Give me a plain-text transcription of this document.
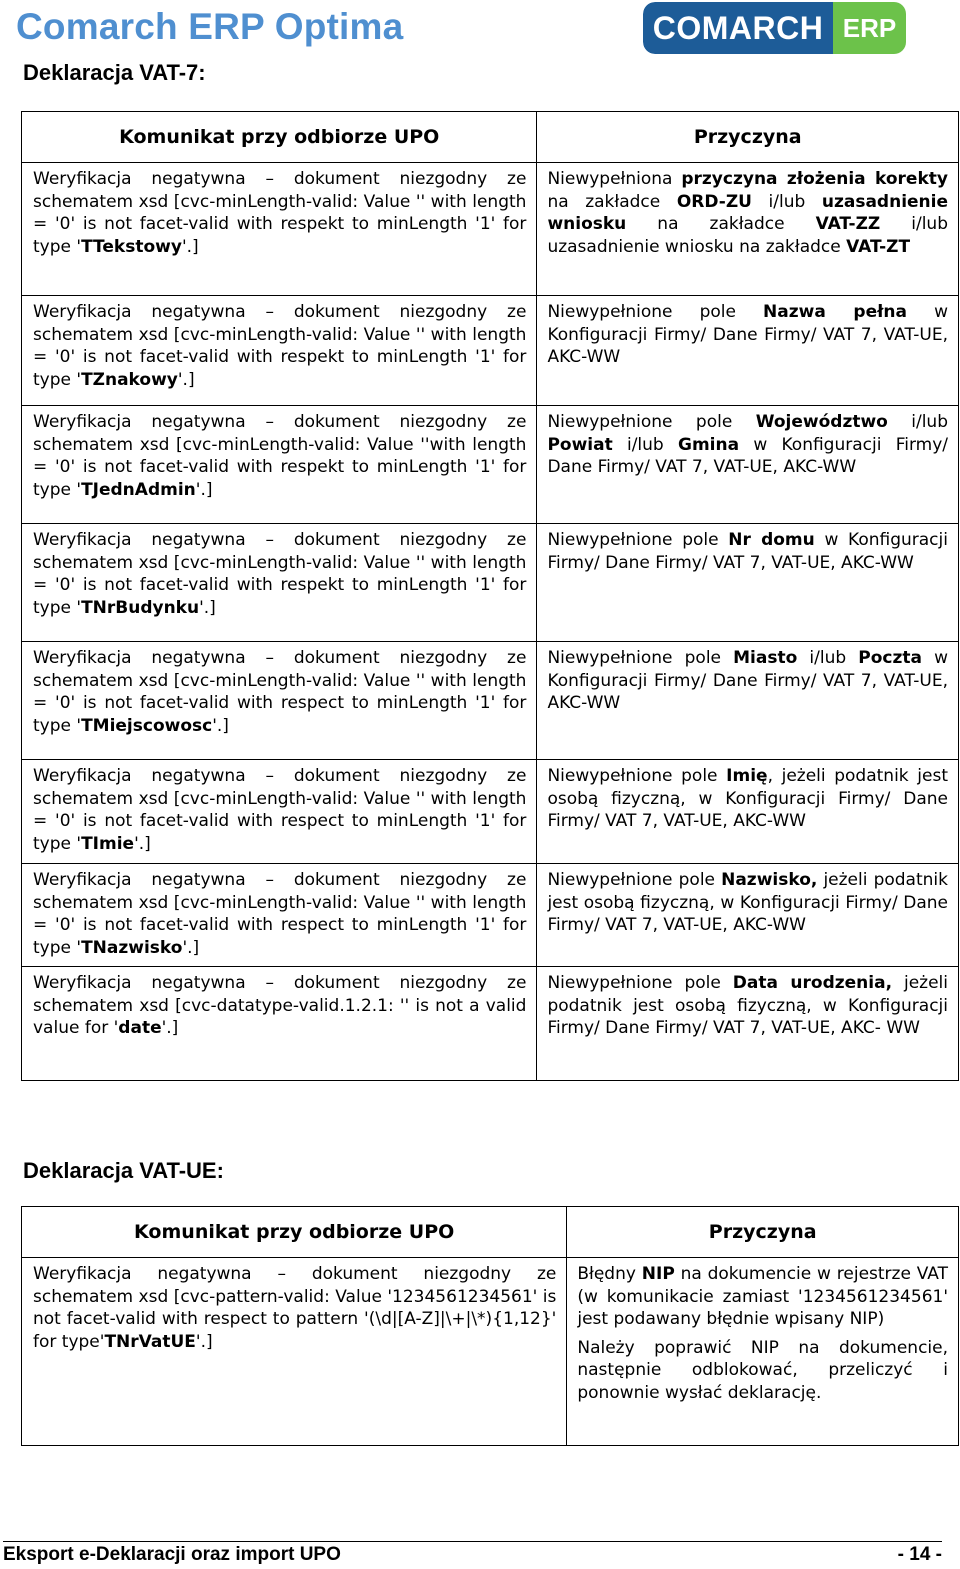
Comarch ERP Optima	COMARCH ERP
Deklaracja VAT-7:
Komunikat przy odbiorze UPO	Przyczyna
Weryfikacja negatywna – dokument niezgodny ze schematem xsd [cvc-minLength-valid: Value '' with length = '0' is not facet-valid with respekt to minLength '1' for type 'TTekstowy'.]	Niewypełniona przyczyna złożenia korekty na zakładce ORD-ZU i/lub uzasadnienie wniosku na zakładce VAT-ZZ i/lub uzasadnienie wniosku na zakładce VAT-ZT

Weryfikacja negatywna – dokument niezgodny ze schematem xsd [cvc-minLength-valid: Value '' with length = '0' is not facet-valid with respekt to minLength '1' for type 'TZnakowy'.]	Niewypełnione pole Nazwa pełna w Konfiguracji Firmy/ Dane Firmy/ VAT 7, VAT-UE, AKC-WW

Weryfikacja negatywna – dokument niezgodny ze schematem xsd [cvc-minLength-valid: Value ''with length = '0' is not facet-valid with respekt to minLength '1' for type 'TJednAdmin'.]	Niewypełnione pole Województwo i/lub Powiat i/lub Gmina w Konfiguracji Firmy/ Dane Firmy/ VAT 7, VAT-UE, AKC-WW

Weryfikacja negatywna – dokument niezgodny ze schematem xsd [cvc-minLength-valid: Value '' with length = '0' is not facet-valid with respekt to minLength '1' for type 'TNrBudynku'.]	Niewypełnione pole Nr domu w Konfiguracji Firmy/ Dane Firmy/ VAT 7, VAT-UE, AKC-WW

Weryfikacja negatywna – dokument niezgodny ze schematem xsd [cvc-minLength-valid: Value '' with length = '0' is not facet-valid with respect to minLength '1' for type 'TMiejscowosc'.]	Niewypełnione pole Miasto i/lub Poczta w Konfiguracji Firmy/ Dane Firmy/ VAT 7, VAT-UE, AKC-WW

Weryfikacja negatywna – dokument niezgodny ze schematem xsd [cvc-minLength-valid: Value '' with length = '0' is not facet-valid with respect to minLength '1' for type 'TImie'.]	Niewypełnione pole Imię, jeżeli podatnik jest osobą fizyczną, w Konfiguracji Firmy/ Dane Firmy/ VAT 7, VAT-UE, AKC-WW

Weryfikacja negatywna – dokument niezgodny ze schematem xsd [cvc-minLength-valid: Value '' with length = '0' is not facet-valid with respect to minLength '1' for type 'TNazwisko'.]	Niewypełnione pole Nazwisko, jeżeli podatnik jest osobą fizyczną, w Konfiguracji Firmy/ Dane Firmy/ VAT 7, VAT-UE, AKC-WW

Weryfikacja negatywna – dokument niezgodny ze schematem xsd [cvc-datatype-valid.1.2.1: '' is not a valid value for 'date'.]	Niewypełnione pole Data urodzenia, jeżeli podatnik jest osobą fizyczną, w Konfiguracji Firmy/ Dane Firmy/ VAT 7, VAT-UE, AKC- WW

Deklaracja VAT-UE:
Komunikat przy odbiorze UPO	Przyczyna
Weryfikacja negatywna – dokument niezgodny ze schematem xsd [cvc-pattern-valid: Value '1234561234561' is not facet-valid with respect to pattern '(\d|[A-Z]|\+|\*){1,12}' for type'TNrVatUE'.]	Błędny NIP na dokumencie w rejestrze VAT (w komunikacie zamiast '1234561234561' jest podawany błędnie wpisany NIP)

Należy poprawić NIP na dokumencie, następnie odblokować, przeliczyć i ponownie wysłać deklarację.

Eksport e-Deklaracji oraz import UPO	- 14 -
